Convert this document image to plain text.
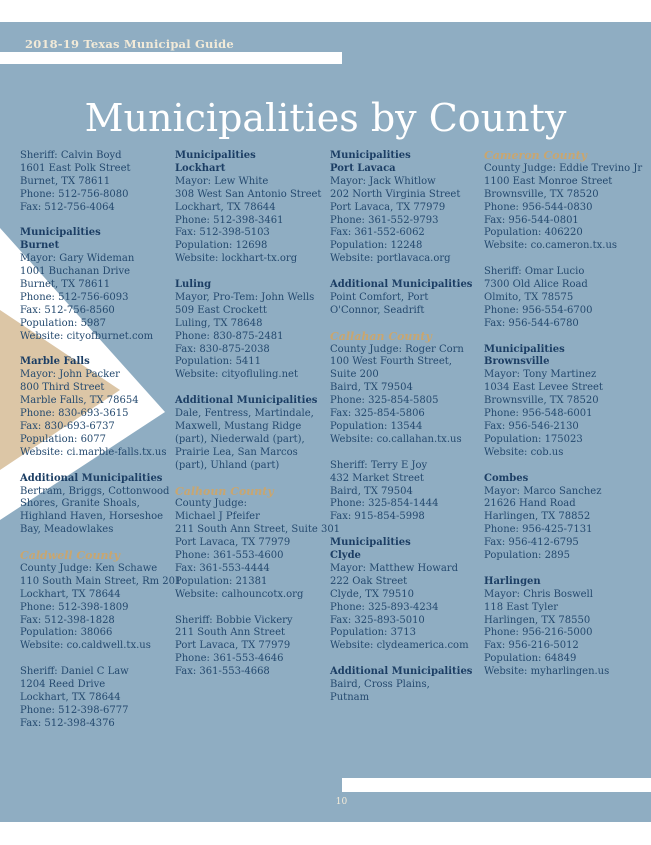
2018-19 Texas Municipal Guide
Municipalities by County
Sheriff: Calvin Boyd
1601 East Polk Street
Burnet, TX 78611
Phone: 512-756-8080
Fax: 512-756-4064
Municipalities
Burnet
Mayor: Gary Wideman
1001 Buchanan Drive
Burnet, TX 78611
Phone: 512-756-6093
Fax: 512-756-8560
Population: 5987
Website: cityofburnet.com
Marble Falls
Mayor: John Packer
800 Third Street
Marble Falls, TX 78654
Phone: 830-693-3615
Fax: 830-693-6737
Population: 6077
Website: ci.marble-falls.tx.us
Additional Municipalities
Bertram, Briggs, Cottonwood
Shores, Granite Shoals,
Highland Haven, Horseshoe
Bay, Meadowlakes
Caldwell County
County Judge: Ken Schawe
110 South Main Street, Rm 201
Lockhart, TX 78644
Phone: 512-398-1809
Fax: 512-398-1828
Population: 38066
Website: co.caldwell.tx.us
Sheriff: Daniel C Law
1204 Reed Drive
Lockhart, TX 78644
Phone: 512-398-6777
Fax: 512-398-4376
Municipalities
Lockhart
Mayor: Lew White
308 West San Antonio Street
Lockhart, TX 78644
Phone: 512-398-3461
Fax: 512-398-5103
Population: 12698
Website: lockhart-tx.org
Luling
Mayor, Pro-Tem: John Wells
509 East Crockett
Luling, TX 78648
Phone: 830-875-2481
Fax: 830-875-2038
Population: 5411
Website: cityofluling.net
Additional Municipalities
Dale, Fentress, Martindale,
Maxwell, Mustang Ridge
(part), Niederwald (part),
Prairie Lea, San Marcos
(part), Uhland (part)
Calhoun County
County Judge:
Michael J Pfeifer
211 South Ann Street, Suite 301
Port Lavaca, TX 77979
Phone: 361-553-4600
Fax: 361-553-4444
Population: 21381
Website: calhouncotx.org
Sheriff: Bobbie Vickery
211 South Ann Street
Port Lavaca, TX 77979
Phone: 361-553-4646
Fax: 361-553-4668
Municipalities
Port Lavaca
Mayor: Jack Whitlow
202 North Virginia Street
Port Lavaca, TX 77979
Phone: 361-552-9793
Fax: 361-552-6062
Population: 12248
Website: portlavaca.org
Additional Municipalities
Point Comfort, Port
O'Connor, Seadrift
Callahan County
County Judge: Roger Corn
100 West Fourth Street,
Suite 200
Baird, TX 79504
Phone: 325-854-5805
Fax: 325-854-5806
Population: 13544
Website: co.callahan.tx.us
Sheriff: Terry E Joy
432 Market Street
Baird, TX 79504
Phone: 325-854-1444
Fax: 915-854-5998
Municipalities
Clyde
Mayor: Matthew Howard
222 Oak Street
Clyde, TX 79510
Phone: 325-893-4234
Fax: 325-893-5010
Population: 3713
Website: clydeamerica.com
Additional Municipalities
Baird, Cross Plains,
Putnam
Cameron County
County Judge: Eddie Trevino Jr
1100 East Monroe Street
Brownsville, TX 78520
Phone: 956-544-0830
Fax: 956-544-0801
Population: 406220
Website: co.cameron.tx.us
Sheriff: Omar Lucio
7300 Old Alice Road
Olmito, TX 78575
Phone: 956-554-6700
Fax: 956-544-6780
Municipalities
Brownsville
Mayor: Tony Martinez
1034 East Levee Street
Brownsville, TX 78520
Phone: 956-548-6001
Fax: 956-546-2130
Population: 175023
Website: cob.us
Combes
Mayor: Marco Sanchez
21626 Hand Road
Harlingen, TX 78852
Phone: 956-425-7131
Fax: 956-412-6795
Population: 2895
Harlingen
Mayor: Chris Boswell
118 East Tyler
Harlingen, TX 78550
Phone: 956-216-5000
Fax: 956-216-5012
Population: 64849
Website: myharlingen.us
10
